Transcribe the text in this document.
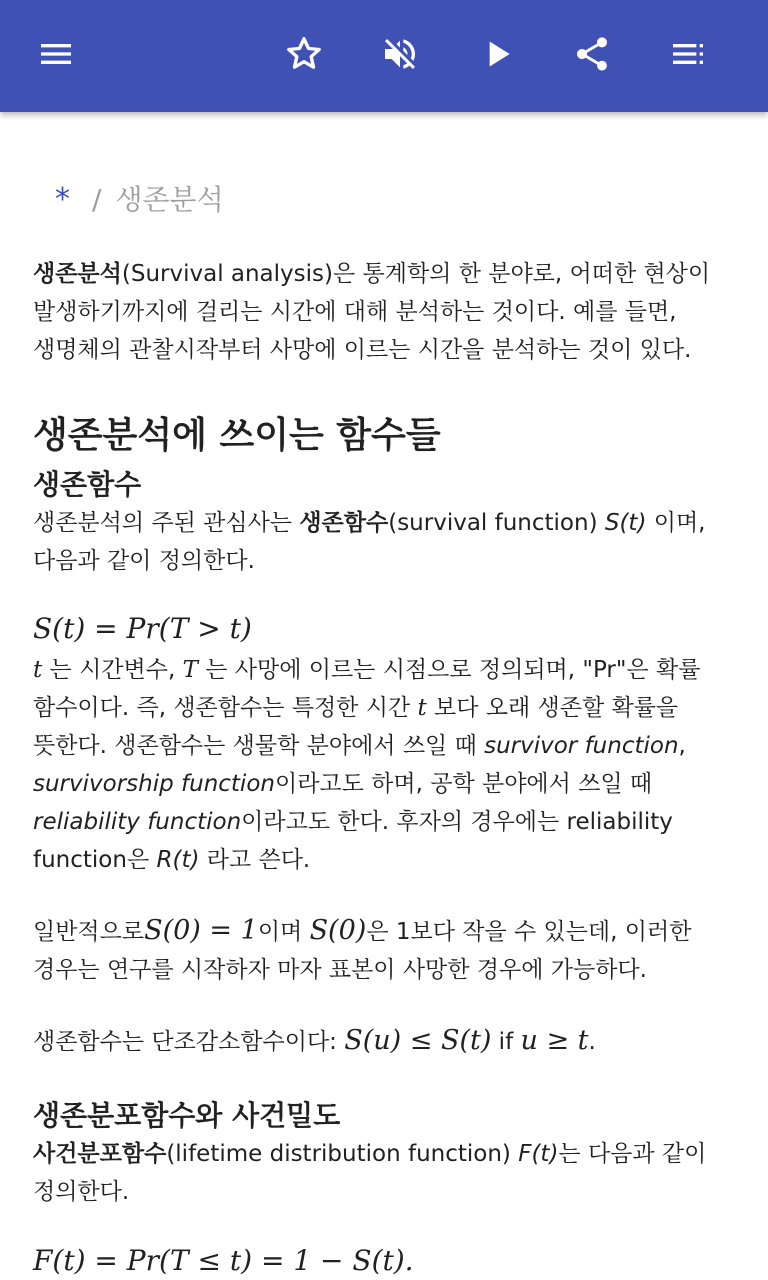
* / 생존분석
생존분석(Survival analysis)은 통계학의 한 분야로, 어떠한 현상이
발생하기까지에 걸리는 시간에 대해 분석하는 것이다. 예를 들면,
생명체의 관찰시작부터 사망에 이르는 시간을 분석하는 것이 있다.
생존분석에 쓰이는 함수들
생존함수
생존분석의 주된 관심사는 생존함수(survival function) S(t) 이며,
다음과 같이 정의한다.
S(t) = Pr(T > t)
t 는 시간변수, T 는 사망에 이르는 시점으로 정의되며, "Pr"은 확률
함수이다. 즉, 생존함수는 특정한 시간 t 보다 오래 생존할 확률을
뜻한다. 생존함수는 생물학 분야에서 쓰일 때 survivor function,
survivorship function이라고도 하며, 공학 분야에서 쓰일 때
reliability function이라고도 한다. 후자의 경우에는 reliability
function은 R(t) 라고 쓴다.
일반적으로S(0) = 1이며 S(0)은 1보다 작을 수 있는데, 이러한
경우는 연구를 시작하자 마자 표본이 사망한 경우에 가능하다.
생존함수는 단조감소함수이다: S(u) ≤ S(t) if u ≥ t.
생존분포함수와 사건밀도
사건분포함수(lifetime distribution function) F(t)는 다음과 같이
정의한다.
F(t) = Pr(T ≤ t) = 1 − S(t).
